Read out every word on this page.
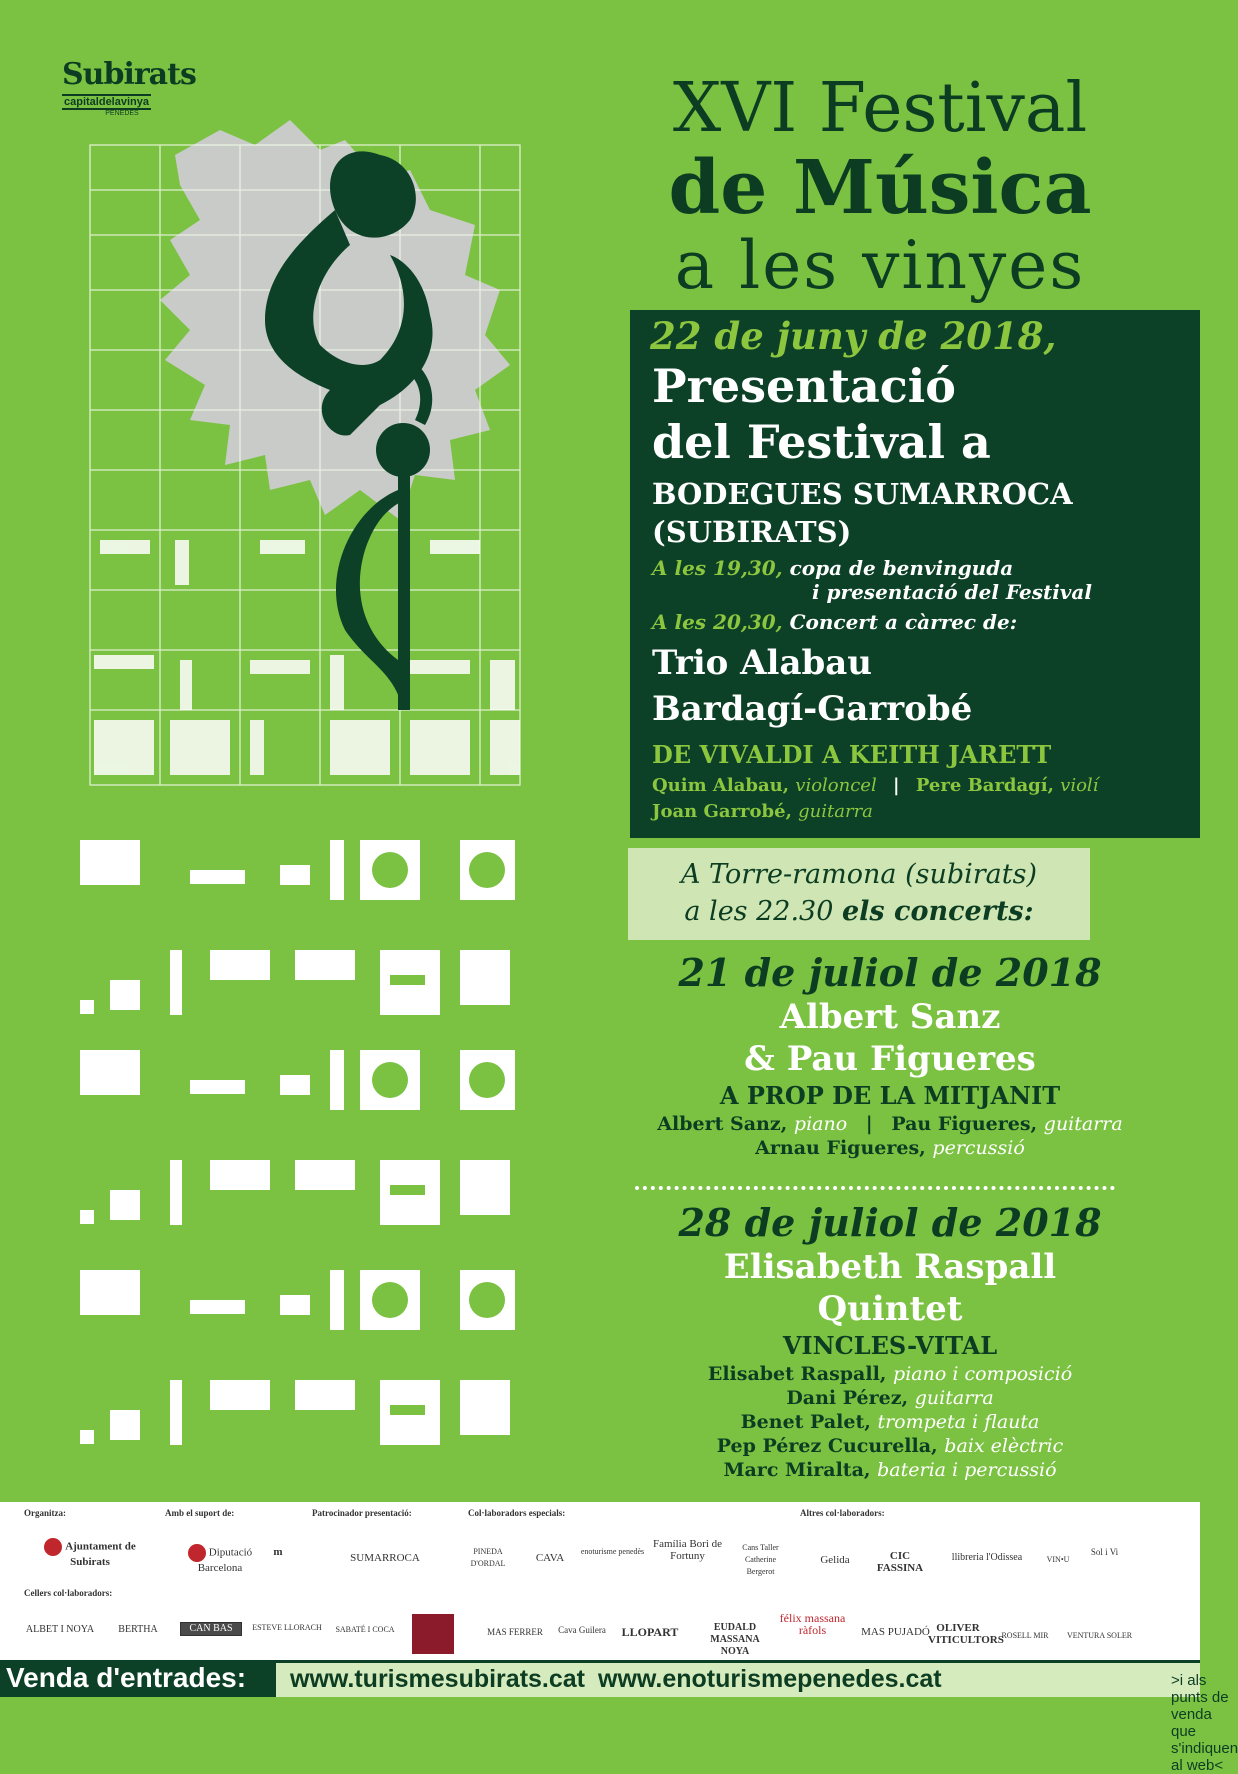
Subirats
capitaldelavinya
PENEDÈS	XVI Festival
de Música
a les vinyes
22 de juny de 2018,
Presentació
del Festival a
BODEGUES SUMARROCA
(SUBIRATS)
A les 19,30, copa de benvinguda
i presentació del Festival
A les 20,30, Concert a càrrec de:
Trio Alabau
Bardagí-Garrobé
DE VIVALDI A KEITH JARETT
Quim Alabau, violoncel | Pere Bardagí, violí
Joan Garrobé, guitarra
A Torre-ramona (subirats)
a les 22.30 els concerts:
21 de juliol de 2018
Albert Sanz
& Pau Figueres
A PROP DE LA MITJANIT
Albert Sanz, piano | Pau Figueres, guitarra
Arnau Figueres, percussió
28 de juliol de 2018
Elisabeth Raspall
Quintet
VINCLES-VITAL
Elisabet Raspall, piano i composició
Dani Pérez, guitarra
Benet Palet, trompeta i flauta
Pep Pérez Cucurella, baix elèctric
Marc Miralta, bateria i percussió
Organitza:	Amb el suport de:	Patrocinador presentació:	Col·laboradors especials:	Altres col·laboradors:
Cellers col·laboradors:
Ajuntament de Subirats
Diputació Barcelona
m	SUMARROCA
PINEDA D'ORDAL	CAVA
enoturisme penedès
Família Bori de Fortuny
Cans Taller Catherine Bergerot
Gelida	CIC FASSINA
llibreria l'Odissea	VIN•U
Sol i Vi
ALBET I NOYA	BERTHA	CAN BAS	ESTEVE LLORACH	SABATÉ I COCA	MAS FERRER	Cava Guilera	LLOPART	EUDALD MASSANA NOYA
félix massana ràfols	MAS PUJADÓ OLIVER VITICULTORS
ROSELL MIR	VENTURA SOLER
Venda d'entrades: www.turismesubirats.cat www.enoturismepenedes.cat	>i als punts de venda que s'indiquen al web<
